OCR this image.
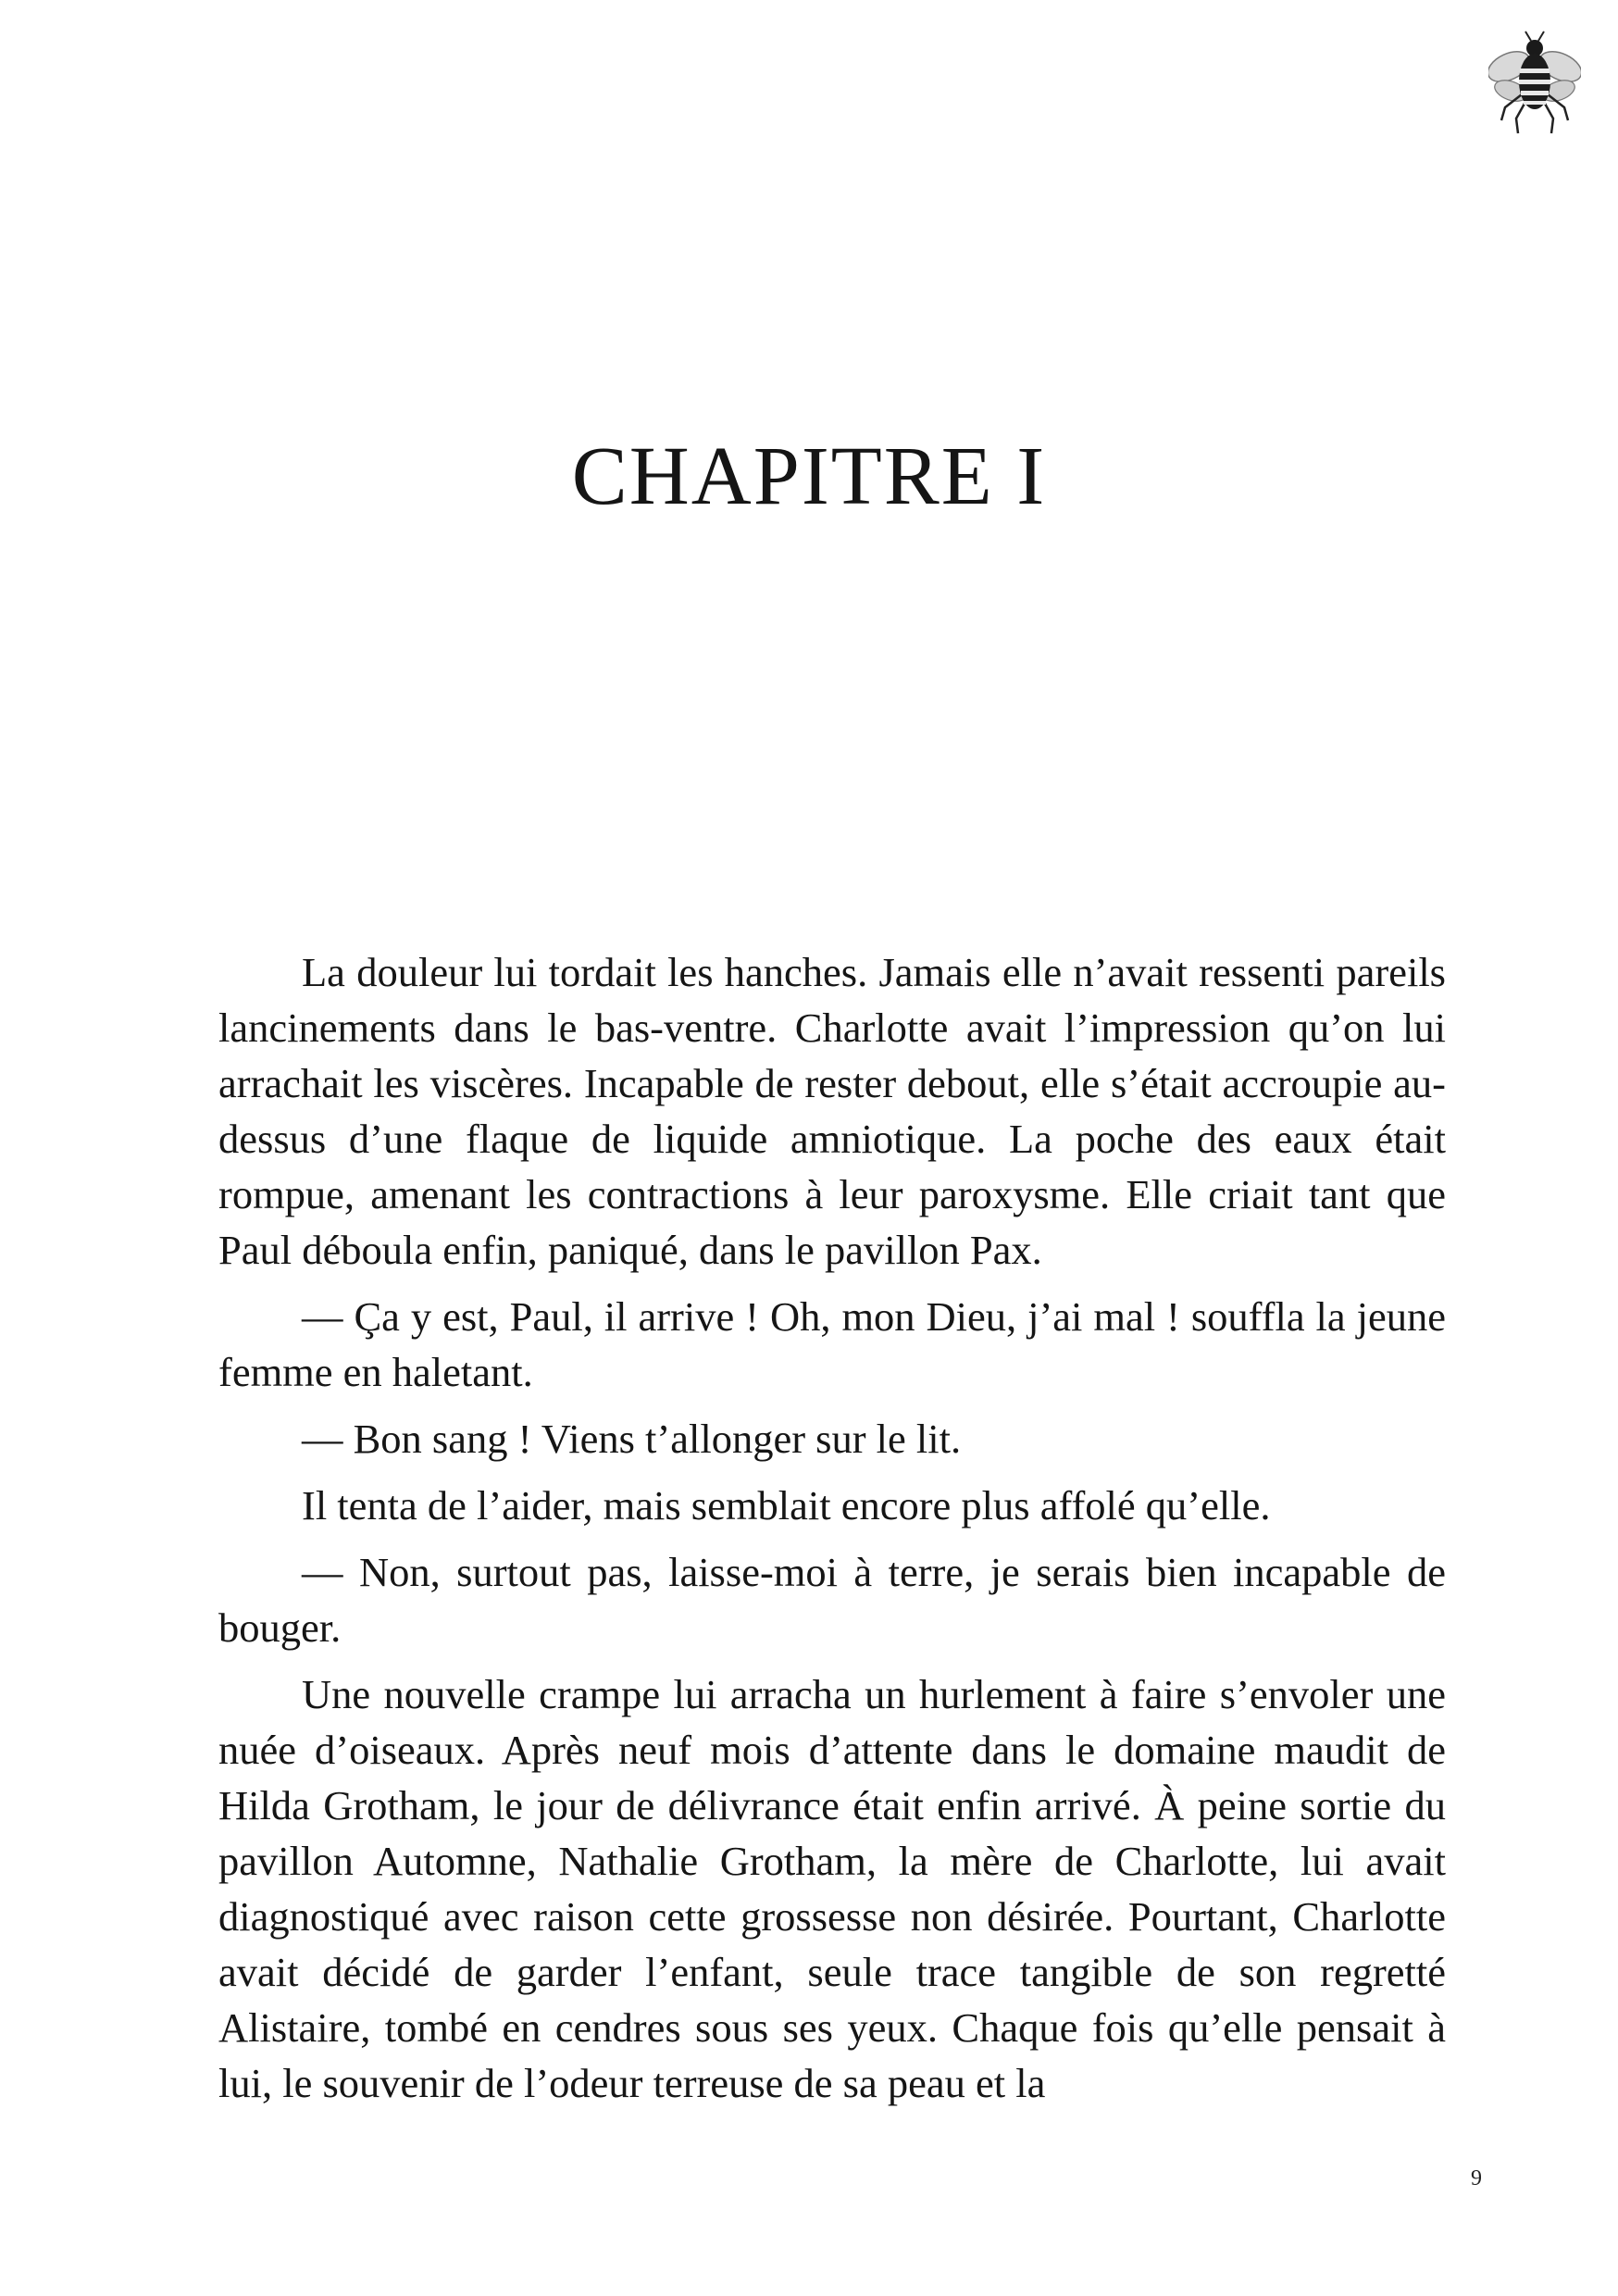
CHAPITRE I

La douleur lui tordait les hanches. Jamais elle n’avait ressenti pareils lancinements dans le bas-ventre. Charlotte avait l’impression qu’on lui arrachait les viscères. Incapable de rester debout, elle s’était accroupie au-dessus d’une flaque de liquide amniotique. La poche des eaux était rompue, amenant les contractions à leur paroxysme. Elle criait tant que Paul déboula enfin, paniqué, dans le pavillon Pax.

— Ça y est, Paul, il arrive ! Oh, mon Dieu, j’ai mal ! souffla la jeune femme en haletant.

— Bon sang ! Viens t’allonger sur le lit.

Il tenta de l’aider, mais semblait encore plus affolé qu’elle.

— Non, surtout pas, laisse-moi à terre, je serais bien incapable de bouger.

Une nouvelle crampe lui arracha un hurlement à faire s’envoler une nuée d’oiseaux. Après neuf mois d’attente dans le domaine maudit de Hilda Grotham, le jour de délivrance était enfin arrivé. À peine sortie du pavillon Automne, Nathalie Grotham, la mère de Charlotte, lui avait diagnostiqué avec raison cette grossesse non désirée. Pourtant, Charlotte avait décidé de garder l’enfant, seule trace tangible de son regretté Alistaire, tombé en cendres sous ses yeux. Chaque fois qu’elle pensait à lui, le souvenir de l’odeur terreuse de sa peau et la

9
